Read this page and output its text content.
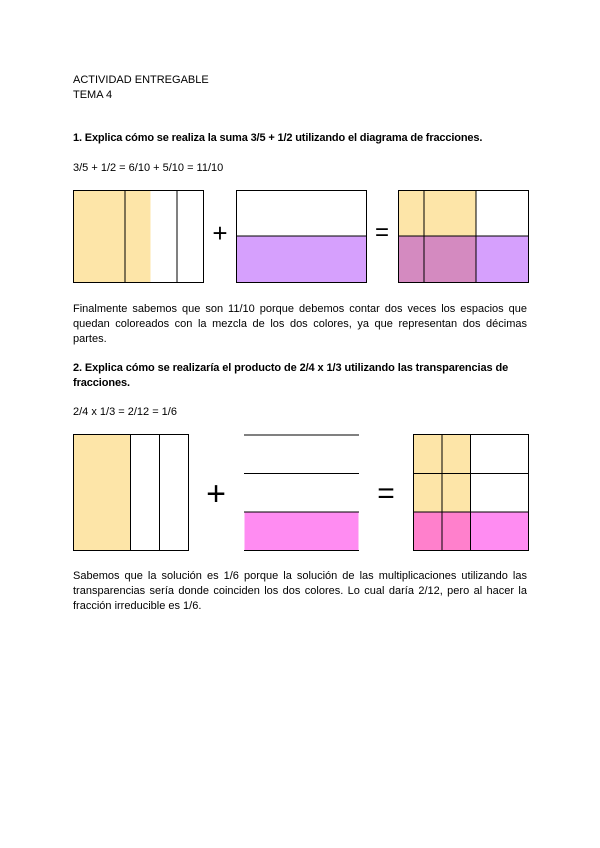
ACTIVIDAD ENTREGABLE

TEMA 4

1. Explica cómo se realiza la suma 3/5 + 1/2 utilizando el diagrama de fracciones.

3/5 + 1/2 = 6/10 + 5/10 = 11/10

+	=

Finalmente sabemos que son 11/10 porque debemos contar dos veces los espacios que quedan coloreados con la mezcla de los dos colores, ya que representan dos décimas partes.

2. Explica cómo se realizaría el producto de 2/4 x 1/3 utilizando las transparencias de fracciones.

2/4 x 1/3 = 2/12 = 1/6

+	=

Sabemos que la solución es 1/6 porque la solución de las multiplicaciones utilizando las transparencias sería donde coinciden los dos colores. Lo cual daría 2/12, pero al hacer la fracción irreducible es 1/6.
